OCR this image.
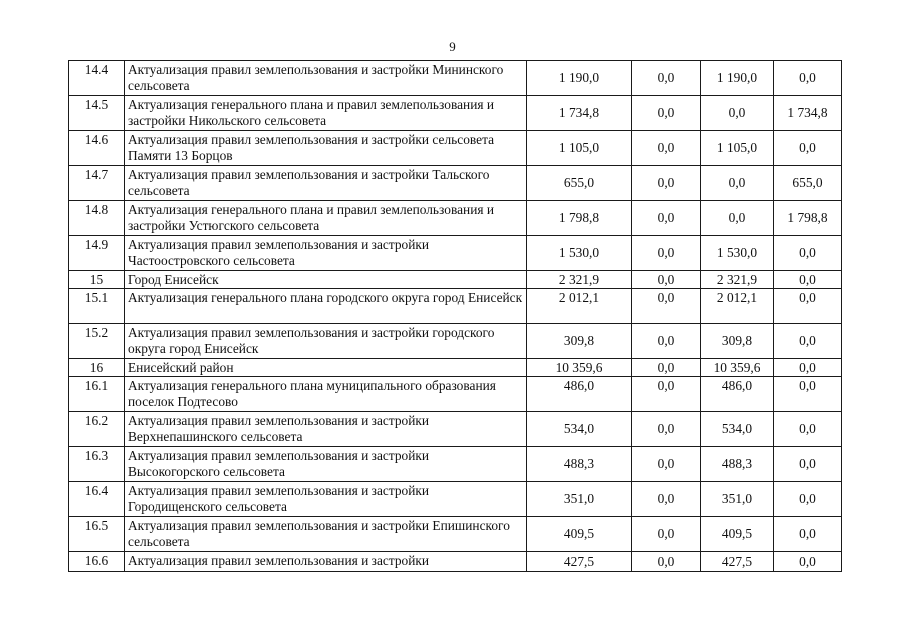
9
14.4	Актуализация правил землепользования и застройки Мининского сельсовета	1 190,0	0,0	1 190,0	0,0
14.5	Актуализация генерального плана и правил землепользования и застройки Никольского сельсовета	1 734,8	0,0	0,0	1 734,8
14.6	Актуализация правил землепользования и застройки сельсовета Памяти 13 Борцов	1 105,0	0,0	1 105,0	0,0
14.7	Актуализация правил землепользования и застройки Тальского сельсовета	655,0	0,0	0,0	655,0
14.8	Актуализация генерального плана и правил землепользования и застройки Устюгского сельсовета	1 798,8	0,0	0,0	1 798,8
14.9	Актуализация правил землепользования и застройки Частоостровского сельсовета	1 530,0	0,0	1 530,0	0,0
15	Город Енисейск	2 321,9	0,0	2 321,9	0,0
15.1	Актуализация генерального плана городского округа город Енисейск	2 012,1	0,0	2 012,1	0,0
15.2	Актуализация правил землепользования и застройки городского округа город Енисейск	309,8	0,0	309,8	0,0
16	Енисейский район	10 359,6	0,0	10 359,6	0,0
16.1	Актуализация генерального плана муниципального образования поселок Подтесово	486,0	0,0	486,0	0,0
16.2	Актуализация правил землепользования и застройки Верхнепашинского сельсовета	534,0	0,0	534,0	0,0
16.3	Актуализация правил землепользования и застройки Высокогорского сельсовета	488,3	0,0	488,3	0,0
16.4	Актуализация правил землепользования и застройки Городищенского сельсовета	351,0	0,0	351,0	0,0
16.5	Актуализация правил землепользования и застройки Епишинского сельсовета	409,5	0,0	409,5	0,0
16.6	Актуализация правил землепользования и застройки	427,5	0,0	427,5	0,0
